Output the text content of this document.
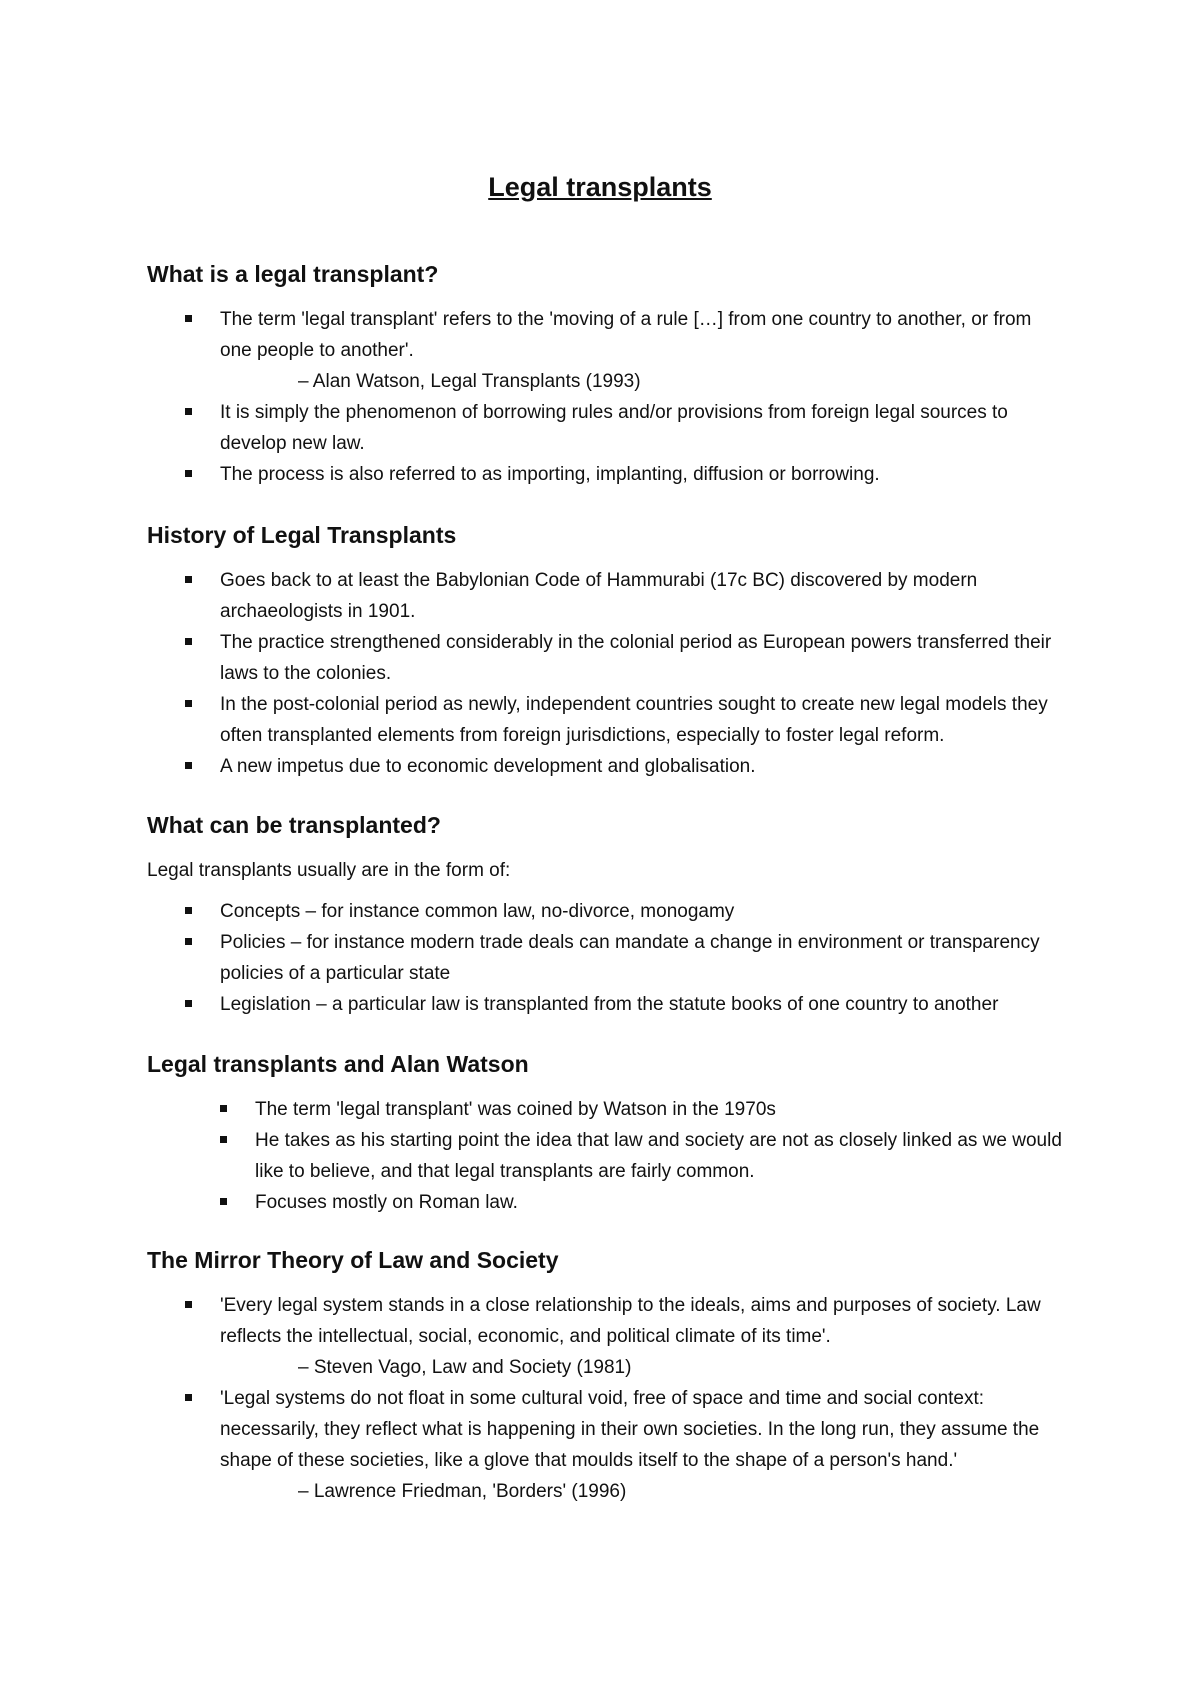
Legal transplants
What is a legal transplant?
The term 'legal transplant' refers to the 'moving of a rule […] from one country to another, or from one people to another'.
– Alan Watson, Legal Transplants (1993)
It is simply the phenomenon of borrowing rules and/or provisions from foreign legal sources to develop new law.
The process is also referred to as importing, implanting, diffusion or borrowing.
History of Legal Transplants
Goes back to at least the Babylonian Code of Hammurabi (17c BC) discovered by modern archaeologists in 1901.
The practice strengthened considerably in the colonial period as European powers transferred their laws to the colonies.
In the post-colonial period as newly, independent countries sought to create new legal models they often transplanted elements from foreign jurisdictions, especially to foster legal reform.
A new impetus due to economic development and globalisation.
What can be transplanted?

Legal transplants usually are in the form of:

Concepts – for instance common law, no-divorce, monogamy
Policies – for instance modern trade deals can mandate a change in environment or transparency policies of a particular state
Legislation – a particular law is transplanted from the statute books of one country to another
Legal transplants and Alan Watson
The term 'legal transplant' was coined by Watson in the 1970s
He takes as his starting point the idea that law and society are not as closely linked as we would like to believe, and that legal transplants are fairly common.
Focuses mostly on Roman law.
The Mirror Theory of Law and Society
'Every legal system stands in a close relationship to the ideals, aims and purposes of society. Law reflects the intellectual, social, economic, and political climate of its time'.
– Steven Vago, Law and Society (1981)
'Legal systems do not float in some cultural void, free of space and time and social context: necessarily, they reflect what is happening in their own societies. In the long run, they assume the shape of these societies, like a glove that moulds itself to the shape of a person's hand.'
– Lawrence Friedman, 'Borders' (1996)
